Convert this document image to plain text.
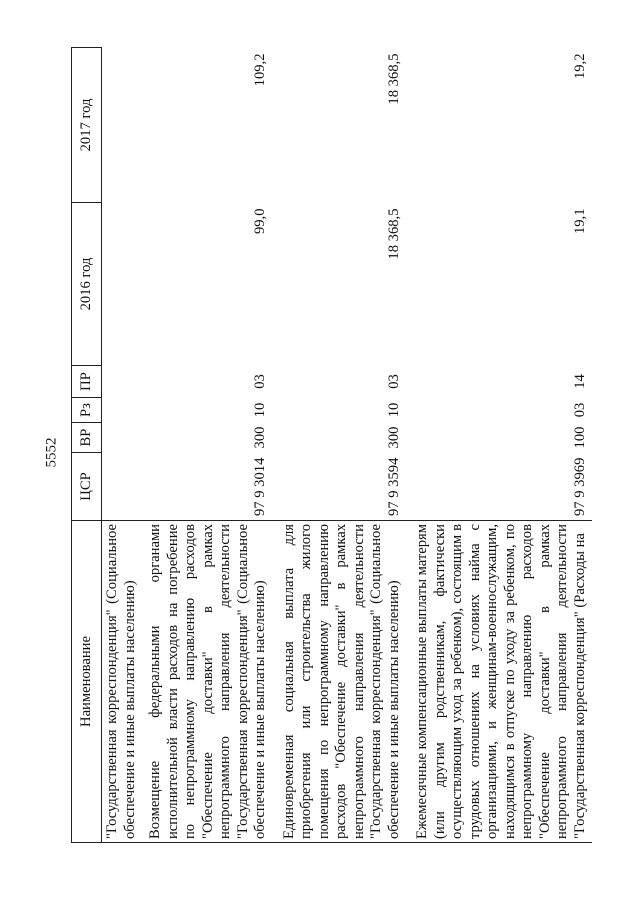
5552
Наименование	ЦСР	ВР	Рз	ПР	2016 год	2017 год
"Государственная корреспонденция" (Социальное обеспечение и иные выплаты населению)						
Возмещение федеральными органами исполнительной власти расходов на погребение по непрограммному направлению расходов "Обеспечение доставки" в рамках непрограммного направления деятельности "Государственная корреспонденция" (Социальное обеспечение и иные выплаты населению)	97 9 3014	300	10	03	99,0	109,2
Единовременная социальная выплата для приобретения или строительства жилого помещения по непрограммному направлению расходов "Обеспечение доставки" в рамках непрограммного направления деятельности "Государственная корреспонденция" (Социальное обеспечение и иные выплаты населению)	97 9 3594	300	10	03	18 368,5	18 368,5
Ежемесячные компенсационные выплаты матерям (или другим родственникам, фактически осуществляющим уход за ребенком), состоящим в трудовых отношениях на условиях найма с организациями, и женщинам-военнослужащим, находящимся в отпуске по уходу за ребенком, по непрограммному направлению расходов "Обеспечение доставки" в рамках непрограммного направления деятельности "Государственная корреспонденция" (Расходы на	97 9 3969	100	03	14	19,1	19,2
